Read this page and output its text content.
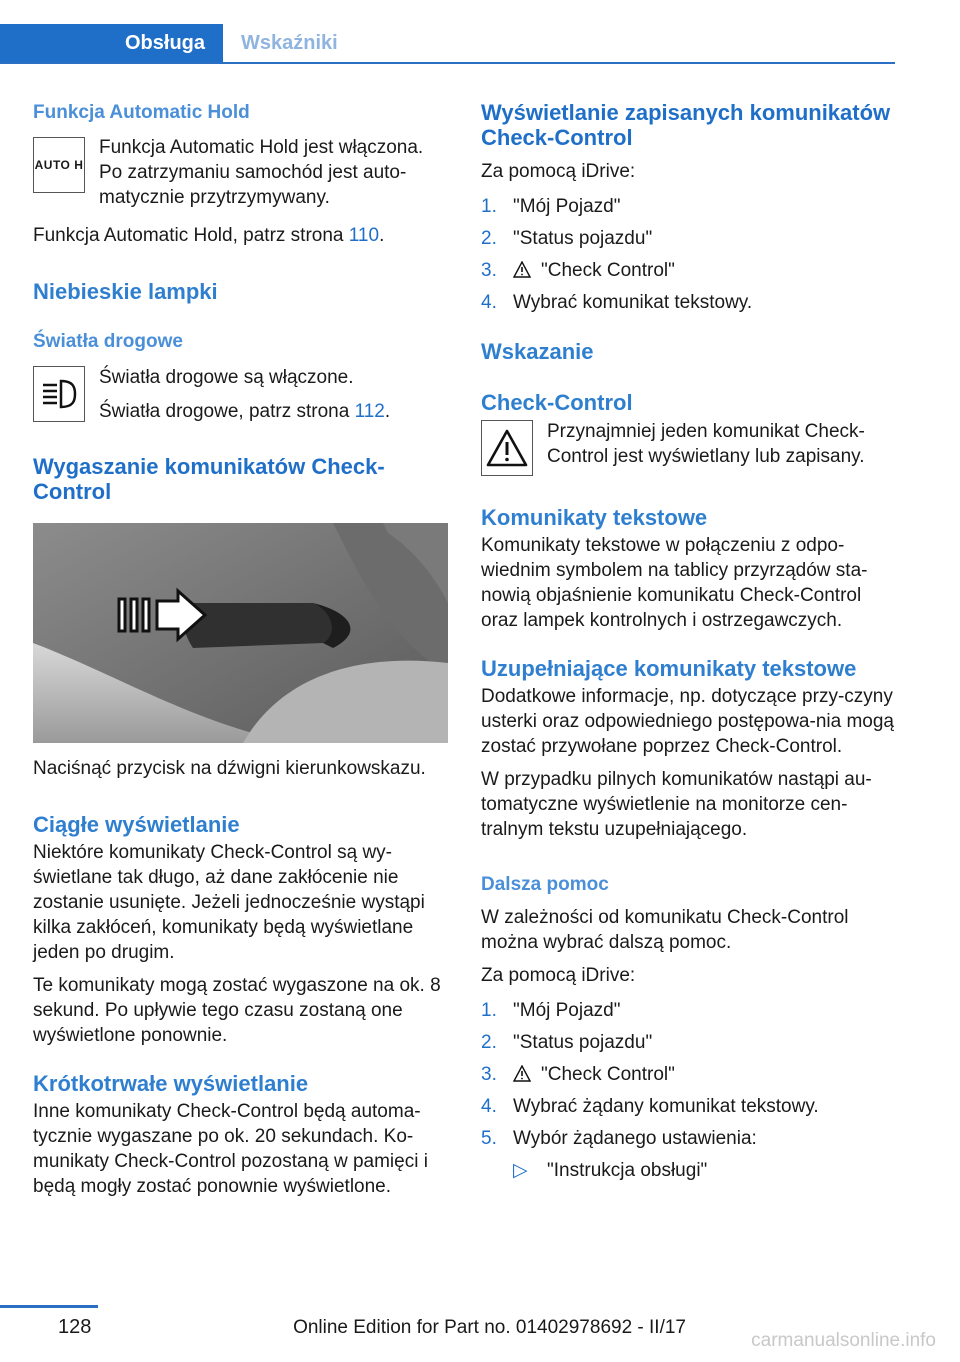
Obsługa	Wskaźniki
Funkcja Automatic Hold
AUTO H

Funkcja Automatic Hold jest włączona. Po zatrzymaniu samochód jest auto-matycznie przytrzymywany.

Funkcja Automatic Hold, patrz strona 110.

Niebieskie lampki
Światła drogowe

Światła drogowe są włączone.

Światła drogowe, patrz strona 112.

Wygaszanie komunikatów Check-Control

Naciśnąć przycisk na dźwigni kierunkowskazu.

Ciągłe wyświetlanie

Niektóre komunikaty Check-Control są wy-świetlane tak długo, aż dane zakłócenie nie zostanie usunięte. Jeżeli jednocześnie wystąpi kilka zakłóceń, komunikaty będą wyświetlane jeden po drugim.

Te komunikaty mogą zostać wygaszone na ok. 8 sekund. Po upływie tego czasu zostaną one wyświetlone ponownie.

Krótkotrwałe wyświetlanie

Inne komunikaty Check-Control będą automa-tycznie wygaszane po ok. 20 sekundach. Ko-munikaty Check-Control pozostaną w pamięci i będą mogły zostać ponownie wyświetlone.

Wyświetlanie zapisanych komunikatów Check-Control

Za pomocą iDrive:

1. "Mój Pojazd"
2. "Status pojazdu"
3.	"Check Control"
4. Wybrać komunikat tekstowy.
Wskazanie
Check-Control

Przynajmniej jeden komunikat Check-Control jest wyświetlany lub zapisany.

Komunikaty tekstowe

Komunikaty tekstowe w połączeniu z odpo-wiednim symbolem na tablicy przyrządów sta-nowią objaśnienie komunikatu Check-Control oraz lampek kontrolnych i ostrzegawczych.

Uzupełniające komunikaty tekstowe

Dodatkowe informacje, np. dotyczące przy-czyny usterki oraz odpowiedniego postępowa-nia mogą zostać przywołane poprzez Check-Control.

W przypadku pilnych komunikatów nastąpi au-tomatyczne wyświetlenie na monitorze cen-tralnym tekstu uzupełniającego.

Dalsza pomoc

W zależności od komunikatu Check-Control można wybrać dalszą pomoc.

Za pomocą iDrive:

1. "Mój Pojazd"
2. "Status pojazdu"
3.	"Check Control"
4. Wybrać żądany komunikat tekstowy.
5. Wybór żądanego ustawienia:
▷	"Instrukcja obsługi"
128	Online Edition for Part no. 01402978692 - II/17
carmanualsonline.info
